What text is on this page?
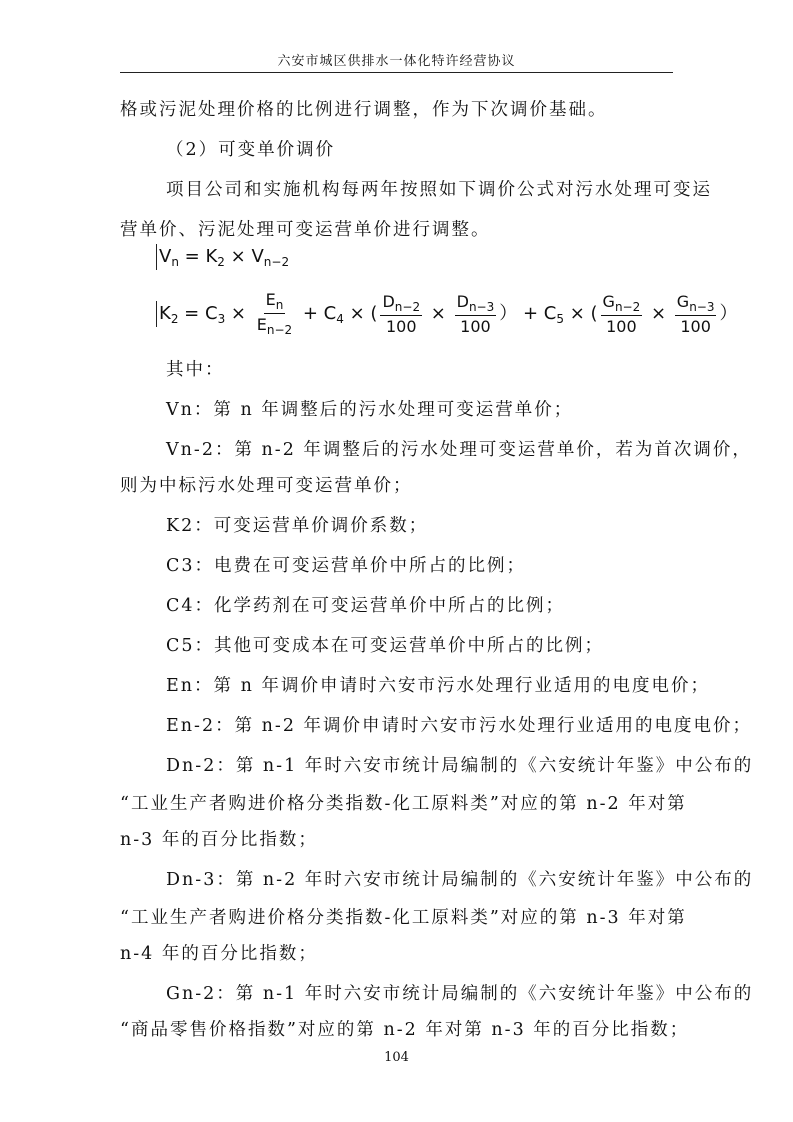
六安市城区供排水一体化特许经营协议
格或污泥处理价格的比例进行调整，作为下次调价基础。
（2）可变单价调价
项目公司和实施机构每两年按照如下调价公式对污水处理可变运
营单价、污泥处理可变运营单价进行调整。
$V_n = K_2 \times V_{n-2}$
$K_2 = C_3 \times \frac{E_n}{E_{n-2}} + C_4$ × ( $\frac{D_{n-2}}{100} \times \frac{D_{n-3}}{100}$ ） + $C_5$ × ( $\frac{G_{n-2}}{100} \times \frac{G_{n-3}}{100}$ ）
其中：
Vn：第 n 年调整后的污水处理可变运营单价；
Vn-2：第 n-2 年调整后的污水处理可变运营单价，若为首次调价，
则为中标污水处理可变运营单价；
K2：可变运营单价调价系数；
C3：电费在可变运营单价中所占的比例；
C4：化学药剂在可变运营单价中所占的比例；
C5：其他可变成本在可变运营单价中所占的比例；
En：第 n 年调价申请时六安市污水处理行业适用的电度电价；
En-2：第 n-2 年调价申请时六安市污水处理行业适用的电度电价；
Dn-2：第 n-1 年时六安市统计局编制的《六安统计年鉴》中公布的
“工业生产者购进价格分类指数-化工原料类”对应的第 n-2 年对第
n-3 年的百分比指数；
Dn-3：第 n-2 年时六安市统计局编制的《六安统计年鉴》中公布的
“工业生产者购进价格分类指数-化工原料类”对应的第 n-3 年对第
n-4 年的百分比指数；
Gn-2：第 n-1 年时六安市统计局编制的《六安统计年鉴》中公布的
“商品零售价格指数”对应的第 n-2 年对第 n-3 年的百分比指数；
104
